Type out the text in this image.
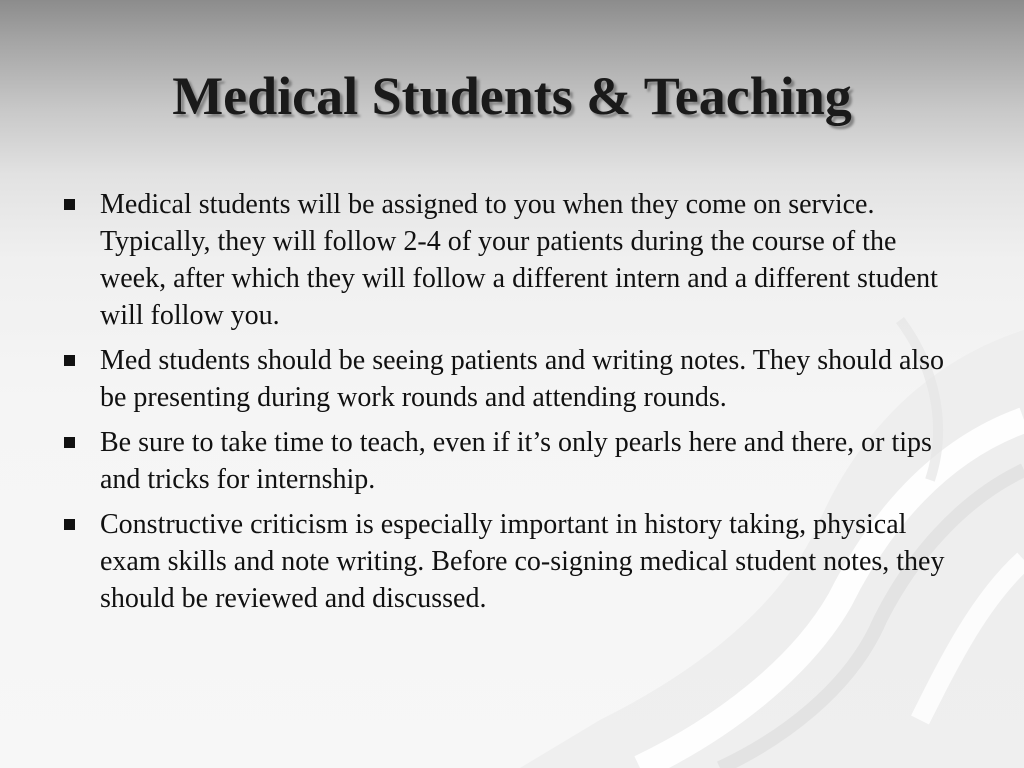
Medical Students & Teaching
Medical students will be assigned to you when they come on service. Typically, they will follow 2-4 of your patients during the course of the week, after which they will follow a different intern and a different student will follow you.
Med students should be seeing patients and writing notes. They should also be presenting during work rounds and attending rounds.
Be sure to take time to teach, even if it’s only pearls here and there, or tips and tricks for internship.
Constructive criticism is especially important in history taking, physical exam skills and note writing. Before co-signing medical student notes, they should be reviewed and discussed.
